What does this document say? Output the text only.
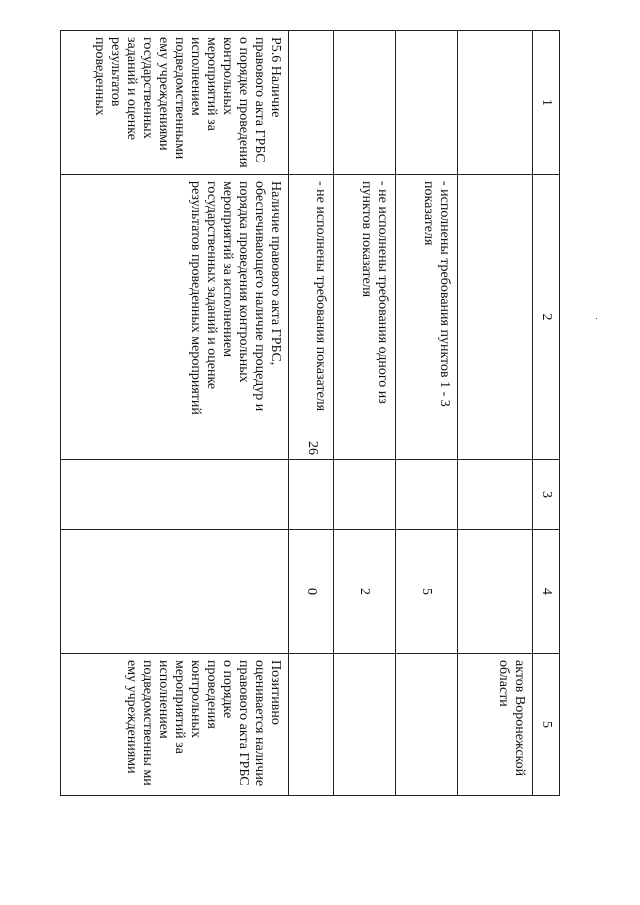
26
1	2	3	4	5
				актов Воронежской области
	- исполнены требования пунктов 1 - 3 показателя		5	
	- не исполнены требования одного из пунктов показателя		2	
	- не исполнены требования показателя		0	
Р5.6 Наличие правового акта ГРБС о порядке проведения контрольных мероприятий за исполнением подведомственными ему учреждениями государственных заданий и оценке результатов проведенных	Наличие правового акта ГРБС, обеспечивающего наличие процедур и порядка проведения контрольных мероприятий за исполнением государственных заданий и оценке результатов проведенных мероприятий			Позитивно оценивается наличие правового акта ГРБС о порядке проведения контрольных мероприятий за исполнением подведомственны ми ему учреждениями
